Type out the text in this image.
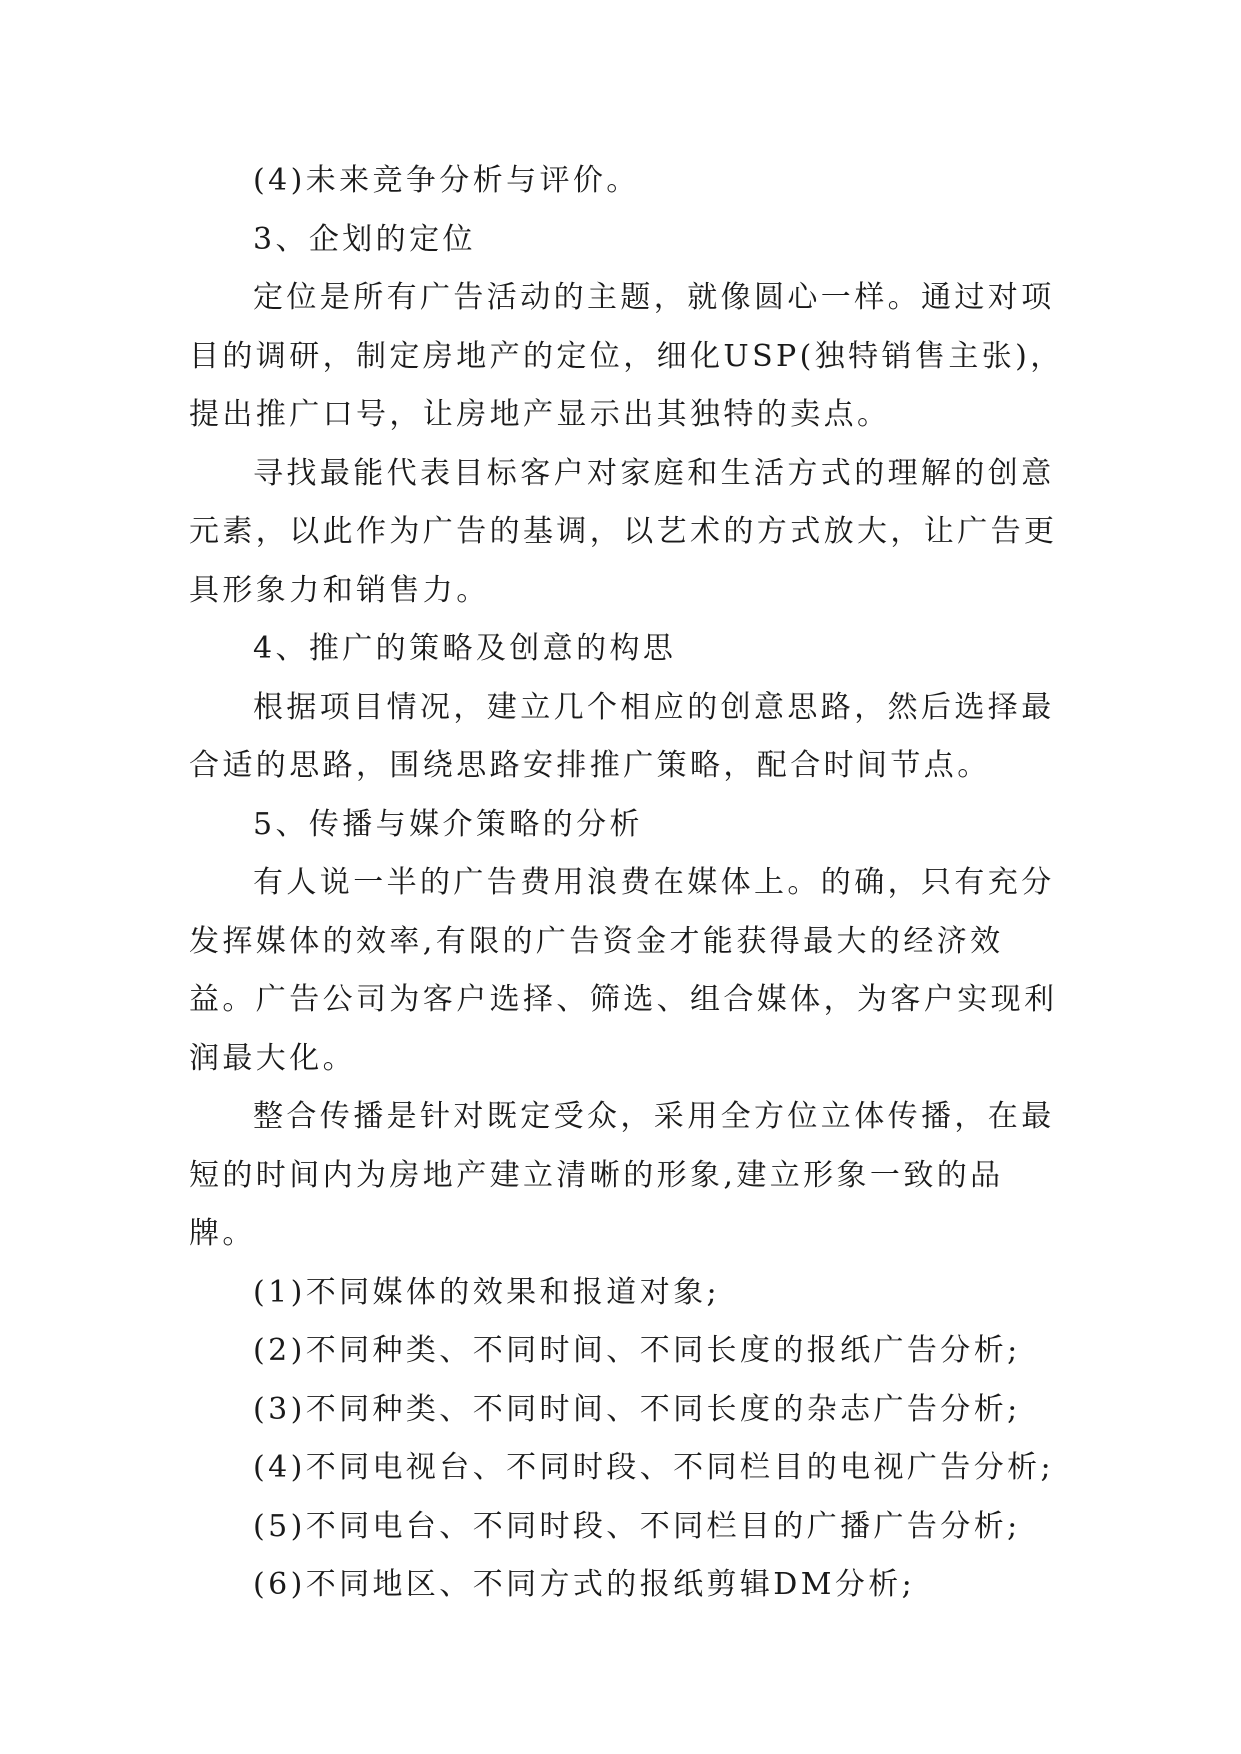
(4)未来竞争分析与评价。

3、企划的定位

定位是所有广告活动的主题，就像圆心一样。通过对项目的调研，制定房地产的定位，细化USP(独特销售主张)，提出推广口号，让房地产显示出其独特的卖点。

寻找最能代表目标客户对家庭和生活方式的理解的创意元素，以此作为广告的基调，以艺术的方式放大，让广告更具形象力和销售力。

4、推广的策略及创意的构思

根据项目情况，建立几个相应的创意思路，然后选择最合适的思路，围绕思路安排推广策略，配合时间节点。

5、传播与媒介策略的分析

有人说一半的广告费用浪费在媒体上。的确，只有充分发挥媒体的效率,有限的广告资金才能获得最大的经济效益。广告公司为客户选择、筛选、组合媒体，为客户实现利润最大化。

整合传播是针对既定受众，采用全方位立体传播，在最短的时间内为房地产建立清晰的形象,建立形象一致的品牌。

(1)不同媒体的效果和报道对象;

(2)不同种类、不同时间、不同长度的报纸广告分析;

(3)不同种类、不同时间、不同长度的杂志广告分析;

(4)不同电视台、不同时段、不同栏目的电视广告分析;

(5)不同电台、不同时段、不同栏目的广播广告分析;

(6)不同地区、不同方式的报纸剪辑DM分析;
